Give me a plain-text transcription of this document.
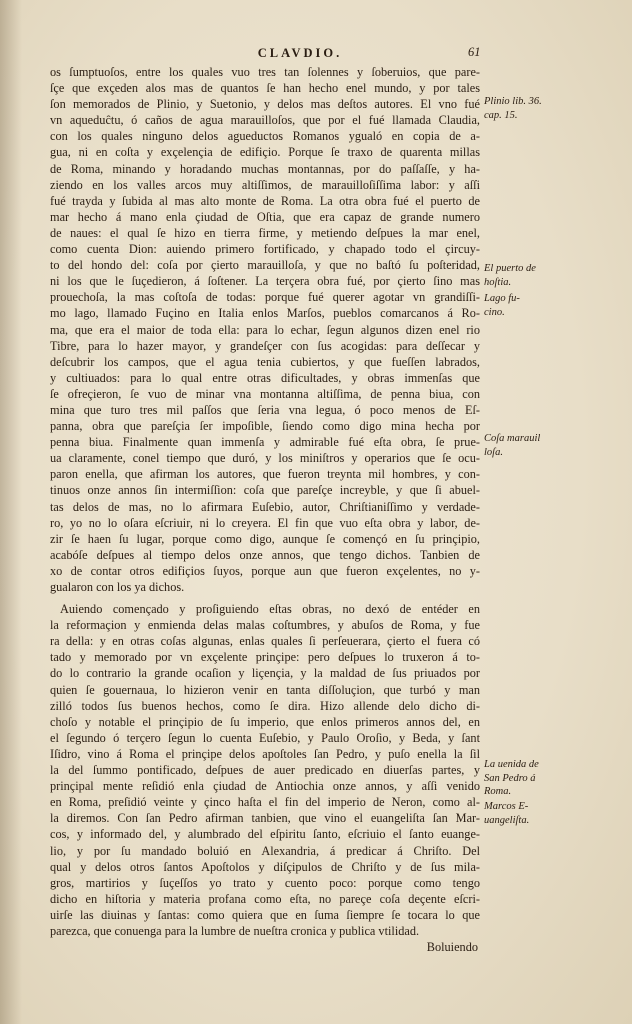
CLAVDIO.	61
os ſumptuoſos, entre los quales vuo tres tan ſolennes y ſoberuios, que pare-
ſçe que exçeden alos mas de quantos ſe han hecho enel mundo, y por tales
ſon memorados de Plinio, y Suetonio, y delos mas deſtos autores. El vno fué
vn aqueduĉtu, ó caños de agua marauilloſos, que por el fué llamada Claudia,
con los quales ninguno delos agueductos Romanos ygualó en copia de a-
gua, ni en coſta y exçelençia de edifiçio. Porque ſe traxo de quarenta millas
de Roma, minando y horadando muchas montannas, por do paſſaſſe, y ha-
ziendo en los valles arcos muy altiſſimos, de marauilloſiſſima labor: y aſſi
fué trayda y ſubida al mas alto monte de Roma. La otra obra fué el puerto de
mar hecho á mano enla çiudad de Oſtia, que era capaz de grande numero
de naues: el qual ſe hizo en tierra firme, y metiendo deſpues la mar enel,
como cuenta Dion: auiendo primero fortificado, y chapado todo el çircuy-
to del hondo del: coſa por çierto marauilloſa, y que no baſtó ſu poſteridad,
ni los que le ſuçedieron, á ſoſtener. La terçera obra fué, por çierto ſino mas
prouechoſa, la mas coſtoſa de todas: porque fué querer agotar vn grandiſſi-
mo lago, llamado Fuçino en Italia enlos Marſos, pueblos comarcanos á Ro-
ma, que era el maior de toda ella: para lo echar, ſegun algunos dizen enel rio
Tibre, para lo hazer mayor, y grandeſçer con ſus acogidas: para deſſecar y
deſcubrir los campos, que el agua tenia cubiertos, y que fueſſen labrados,
y cultiuados: para lo qual entre otras dificultades, y obras immenſas que
ſe ofreçieron, ſe vuo de minar vna montanna altiſſima, de penna biua, con
mina que turo tres mil paſſos que ſeria vna legua, ó poco menos de Eſ-
panna, obra que pareſçia ſer impoſible, ſiendo como digo mina hecha por
penna biua. Finalmente quan immenſa y admirable fué eſta obra, ſe prue-
ua claramente, conel tiempo que duró, y los miniſtros y operarios que ſe ocu-
paron enella, que afirman los autores, que fueron treynta mil hombres, y con-
tinuos onze annos ſin intermiſſion: coſa que pareſçe increyble, y que ſi abuel-
tas delos de mas, no lo afirmara Euſebio, autor, Chriſtianiſſimo y verdade-
ro, yo no lo oſara eſcriuir, ni lo creyera. El fin que vuo eſta obra y labor, de-
zir ſe haen ſu lugar, porque como digo, aunque ſe començó en ſu prinçipio,
acabóſe deſpues al tiempo delos onze annos, que tengo dichos. Tanbien de
xo de contar otros edifiçios ſuyos, porque aun que fueron exçelentes, no y-
gualaron con los ya dichos.
Auiendo començado y proſiguiendo eſtas obras, no dexó de entéder en
la reformaçion y enmienda delas malas coſtumbres, y abuſos de Roma, y fue
ra della: y en otras coſas algunas, enlas quales ſi perſeuerara, çierto el fuera có
tado y memorado por vn exçelente prinçipe: pero deſpues lo truxeron á to-
do lo contrario la grande ocaſion y liçençia, y la maldad de ſus priuados por
quien ſe gouernaua, lo hizieron venir en tanta diſſoluçion, que turbó y man
zilló todos ſus buenos hechos, como ſe dira. Hizo allende delo dicho di-
choſo y notable el prinçipio de ſu imperio, que enlos primeros annos del, en
el ſegundo ó terçero ſegun lo cuenta Euſebio, y Paulo Oroſio, y Beda, y ſant
Iſidro, vino á Roma el prinçipe delos apoſtoles ſan Pedro, y puſo enella la ſil
la del ſummo pontificado, deſpues de auer predicado en diuerſas partes, y
prinçipal mente reſidió enla çiudad de Antiochia onze annos, y aſſi venido
en Roma, preſidió veinte y çinco haſta el fin del imperio de Neron, como al-
la diremos. Con ſan Pedro afirman tanbien, que vino el euangeliſta ſan Mar-
cos, y informado del, y alumbrado del eſpiritu ſanto, eſcriuio el ſanto euange-
lio, y por ſu mandado boluió en Alexandria, á predicar á Chriſto. Del
qual y delos otros ſantos Apoſtolos y diſçipulos de Chriſto y de ſus mila-
gros, martirios y ſuçeſſos yo trato y cuento poco: porque como tengo
dicho en hiſtoria y materia profana como eſta, no pareçe coſa deçente eſcri-
uirſe las diuinas y ſantas: como quiera que en ſuma ſiempre ſe tocara lo que
parezca, que conuenga para la lumbre de nueſtra cronica y publica vtilidad.
Boluiendo
Plinio lib. 36.
cap. 15.
El puerto de
hoſtia.
Lago fu-
cino.
Coſa marauil
loſa.
La uenida de
San Pedro á
Roma.
Marcos E-
uangeliſta.
